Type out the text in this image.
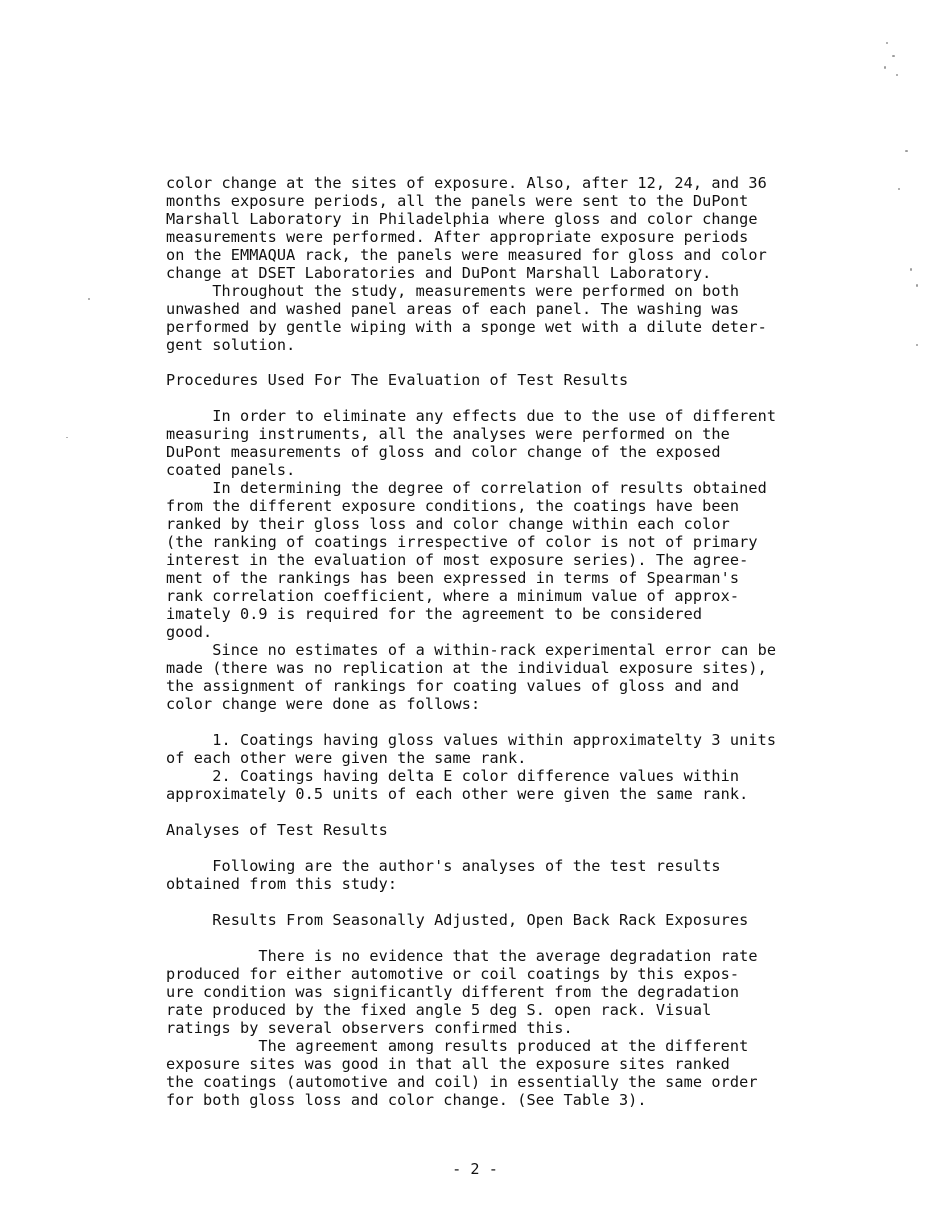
color change at the sites of exposure. Also, after 12, 24, and 36
months exposure periods, all the panels were sent to the DuPont
Marshall Laboratory in Philadelphia where gloss and color change
measurements were performed. After appropriate exposure periods
on the EMMAQUA rack, the panels were measured for gloss and color
change at DSET Laboratories and DuPont Marshall Laboratory.
Throughout the study, measurements were performed on both
unwashed and washed panel areas of each panel. The washing was
performed by gentle wiping with a sponge wet with a dilute deter-
gent solution.
Procedures Used For The Evaluation of Test Results
In order to eliminate any effects due to the use of different
measuring instruments, all the analyses were performed on the
DuPont measurements of gloss and color change of the exposed
coated panels.
In determining the degree of correlation of results obtained
from the different exposure conditions, the coatings have been
ranked by their gloss loss and color change within each color
(the ranking of coatings irrespective of color is not of primary
interest in the evaluation of most exposure series). The agree-
ment of the rankings has been expressed in terms of Spearman's
rank correlation coefficient, where a minimum value of approx-
imately 0.9 is required for the agreement to be considered
good.
Since no estimates of a within-rack experimental error can be
made (there was no replication at the individual exposure sites),
the assignment of rankings for coating values of gloss and and
color change were done as follows:
1. Coatings having gloss values within approximatelty 3 units
of each other were given the same rank.
2. Coatings having delta E color difference values within
approximately 0.5 units of each other were given the same rank.
Analyses of Test Results
Following are the author's analyses of the test results
obtained from this study:
Results From Seasonally Adjusted, Open Back Rack Exposures
There is no evidence that the average degradation rate
produced for either automotive or coil coatings by this expos-
ure condition was significantly different from the degradation
rate produced by the fixed angle 5 deg S. open rack. Visual
ratings by several observers confirmed this.
The agreement among results produced at the different
exposure sites was good in that all the exposure sites ranked
the coatings (automotive and coil) in essentially the same order
for both gloss loss and color change. (See Table 3).
- 2 -
